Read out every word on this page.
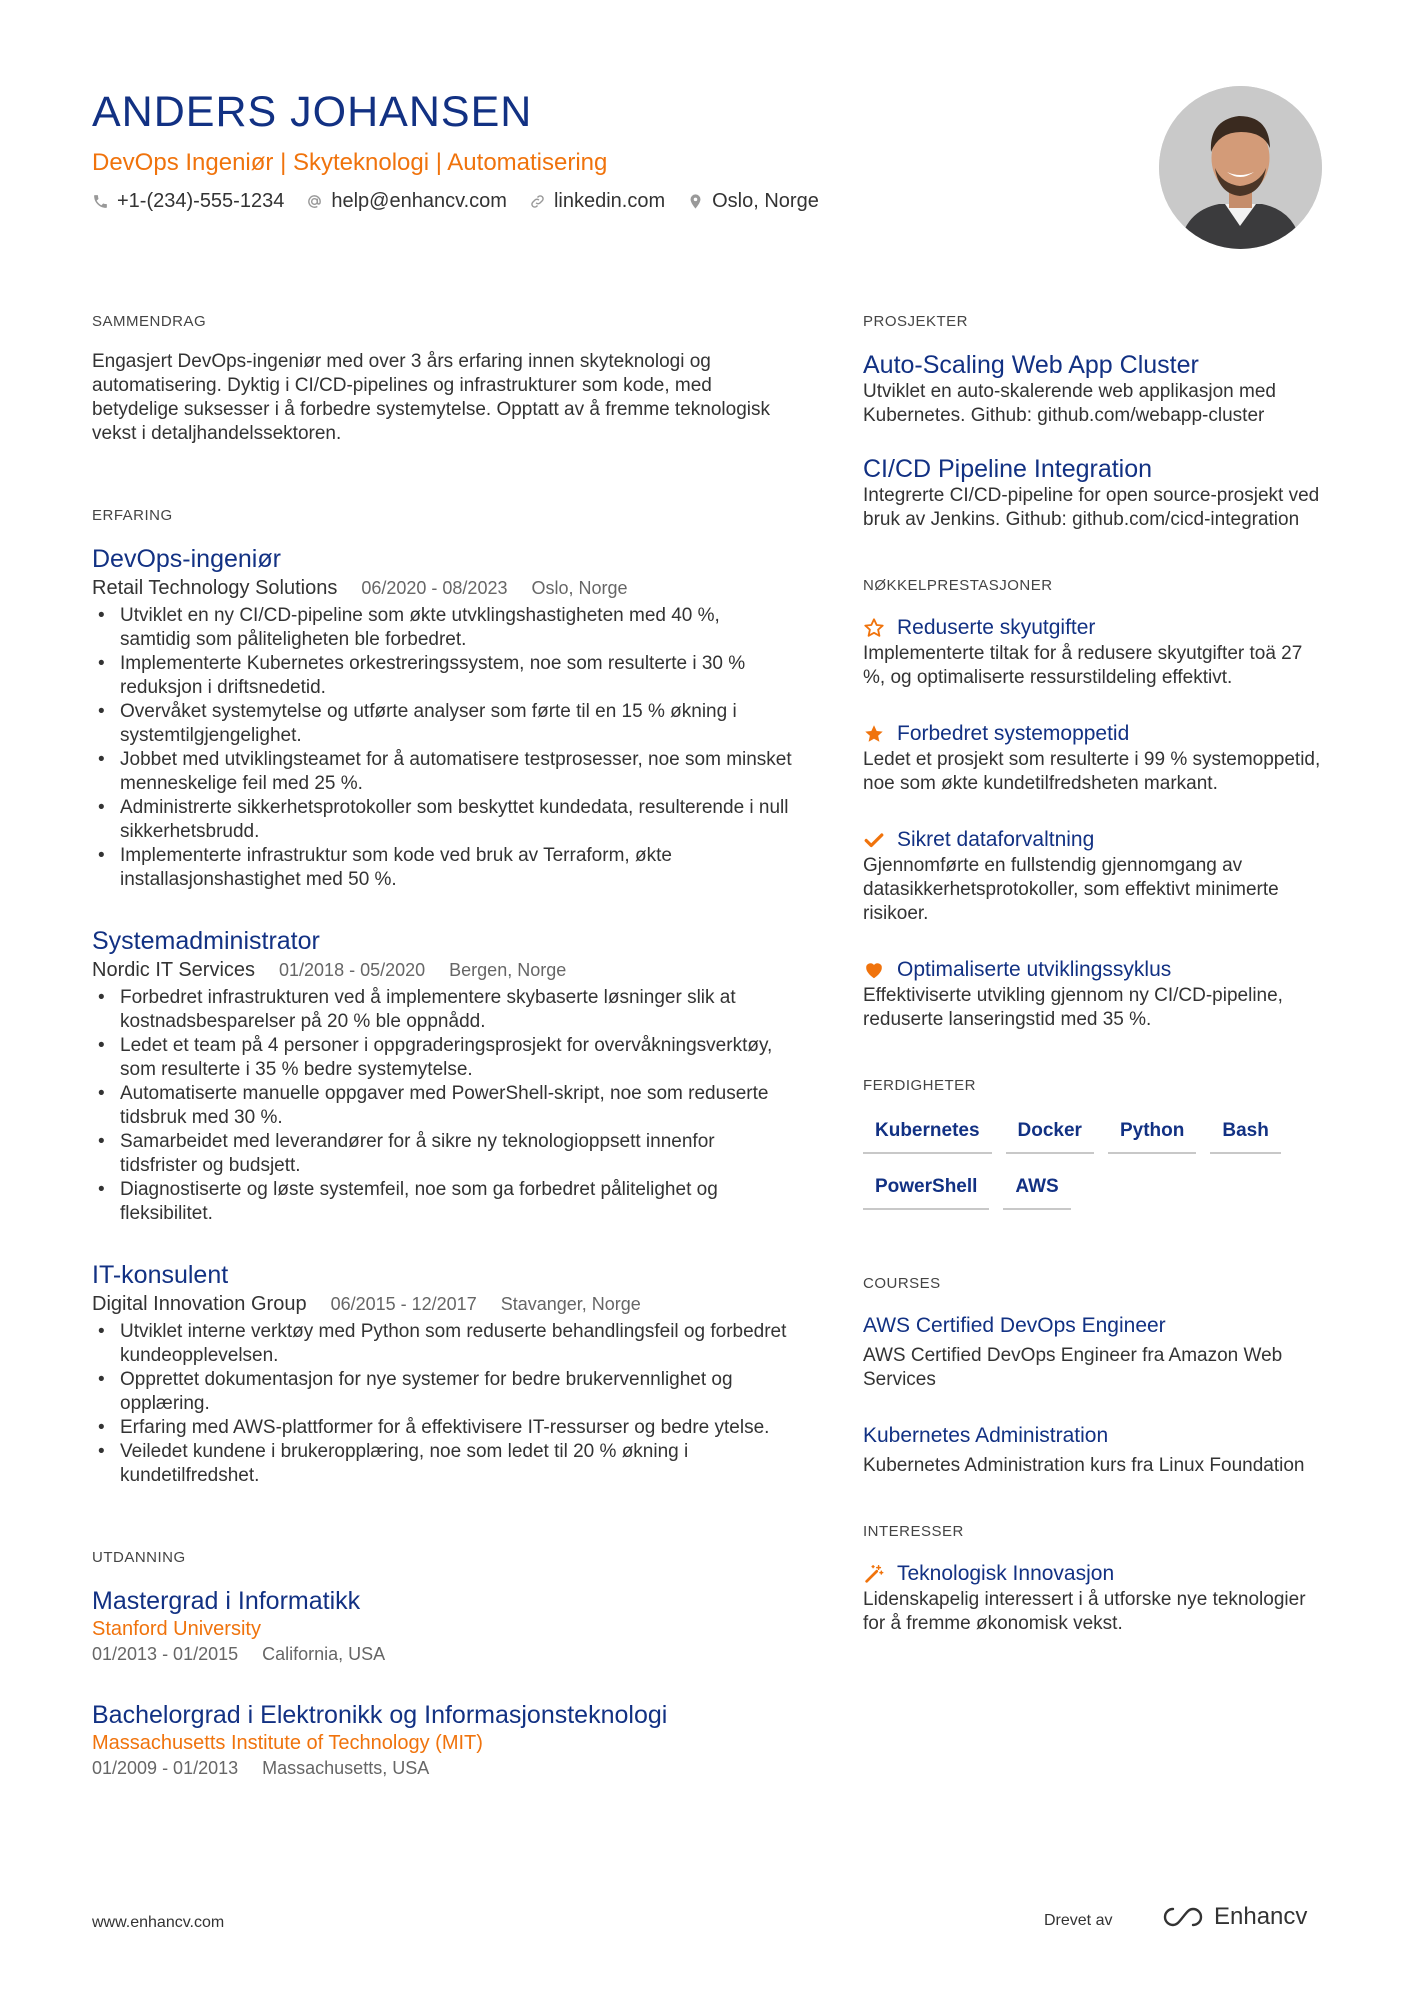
ANDERS JOHANSEN
DevOps Ingeniør | Skyteknologi | Automatisering
+1-(234)-555-1234 help@enhancv.com linkedin.com Oslo, Norge
SAMMENDRAG

Engasjert DevOps-ingeniør med over 3 års erfaring innen skyteknologi og automatisering. Dyktig i CI/CD-pipelines og infrastrukturer som kode, med betydelige suksesser i å forbedre systemytelse. Opptatt av å fremme teknologisk vekst i detaljhandelssektoren.

ERFARING
DevOps-ingeniør
Retail Technology Solutions 06/2020 - 08/2023 Oslo, Norge
• Utviklet en ny CI/CD-pipeline som økte utvklingshastigheten med 40 %, samtidig som påliteligheten ble forbedret.
• Implementerte Kubernetes orkestreringssystem, noe som resulterte i 30 % reduksjon i driftsnedetid.
• Overvåket systemytelse og utførte analyser som førte til en 15 % økning i systemtilgjengelighet.
• Jobbet med utviklingsteamet for å automatisere testprosesser, noe som minsket menneskelige feil med 25 %.
• Administrerte sikkerhetsprotokoller som beskyttet kundedata, resulterende i null sikkerhetsbrudd.
• Implementerte infrastruktur som kode ved bruk av Terraform, økte installasjonshastighet med 50 %.
Systemadministrator
Nordic IT Services 01/2018 - 05/2020 Bergen, Norge
• Forbedret infrastrukturen ved å implementere skybaserte løsninger slik at kostnadsbesparelser på 20 % ble oppnådd.
• Ledet et team på 4 personer i oppgraderingsprosjekt for overvåkningsverktøy, som resulterte i 35 % bedre systemytelse.
• Automatiserte manuelle oppgaver med PowerShell-skript, noe som reduserte tidsbruk med 30 %.
• Samarbeidet med leverandører for å sikre ny teknologioppsett innenfor tidsfrister og budsjett.
• Diagnostiserte og løste systemfeil, noe som ga forbedret pålitelighet og fleksibilitet.
IT-konsulent
Digital Innovation Group 06/2015 - 12/2017 Stavanger, Norge
• Utviklet interne verktøy med Python som reduserte behandlingsfeil og forbedret kundeopplevelsen.
• Opprettet dokumentasjon for nye systemer for bedre brukervennlighet og opplæring.
• Erfaring med AWS-plattformer for å effektivisere IT-ressurser og bedre ytelse.
• Veiledet kundene i brukeropplæring, noe som ledet til 20 % økning i kundetilfredshet.
UTDANNING
Mastergrad i Informatikk
Stanford University
01/2013 - 01/2015 California, USA
Bachelorgrad i Elektronikk og Informasjonsteknologi
Massachusetts Institute of Technology (MIT)
01/2009 - 01/2013 Massachusetts, USA
PROSJEKTER
Auto-Scaling Web App Cluster

Utviklet en auto-skalerende web applikasjon med Kubernetes. Github: github.com/webapp-cluster

CI/CD Pipeline Integration

Integrerte CI/CD-pipeline for open source-prosjekt ved bruk av Jenkins. Github: github.com/cicd-integration

NØKKELPRESTASJONER
Reduserte skyutgifter

Implementerte tiltak for å redusere skyutgifter toä 27 %, og optimaliserte ressurstildeling effektivt.

Forbedret systemoppetid

Ledet et prosjekt som resulterte i 99 % systemoppetid, noe som økte kundetilfredsheten markant.

Sikret dataforvaltning

Gjennomførte en fullstendig gjennomgang av datasikkerhetsprotokoller, som effektivt minimerte risikoer.

Optimaliserte utviklingssyklus

Effektiviserte utvikling gjennom ny CI/CD-pipeline, reduserte lanseringstid med 35 %.

FERDIGHETER
Kubernetes	Docker	Python	Bash
PowerShell	AWS
COURSES
AWS Certified DevOps Engineer

AWS Certified DevOps Engineer fra Amazon Web Services

Kubernetes Administration

Kubernetes Administration kurs fra Linux Foundation

INTERESSER
Teknologisk Innovasjon

Lidenskapelig interessert i å utforske nye teknologier for å fremme økonomisk vekst.

www.enhancv.com	Drevet av	Enhancv
